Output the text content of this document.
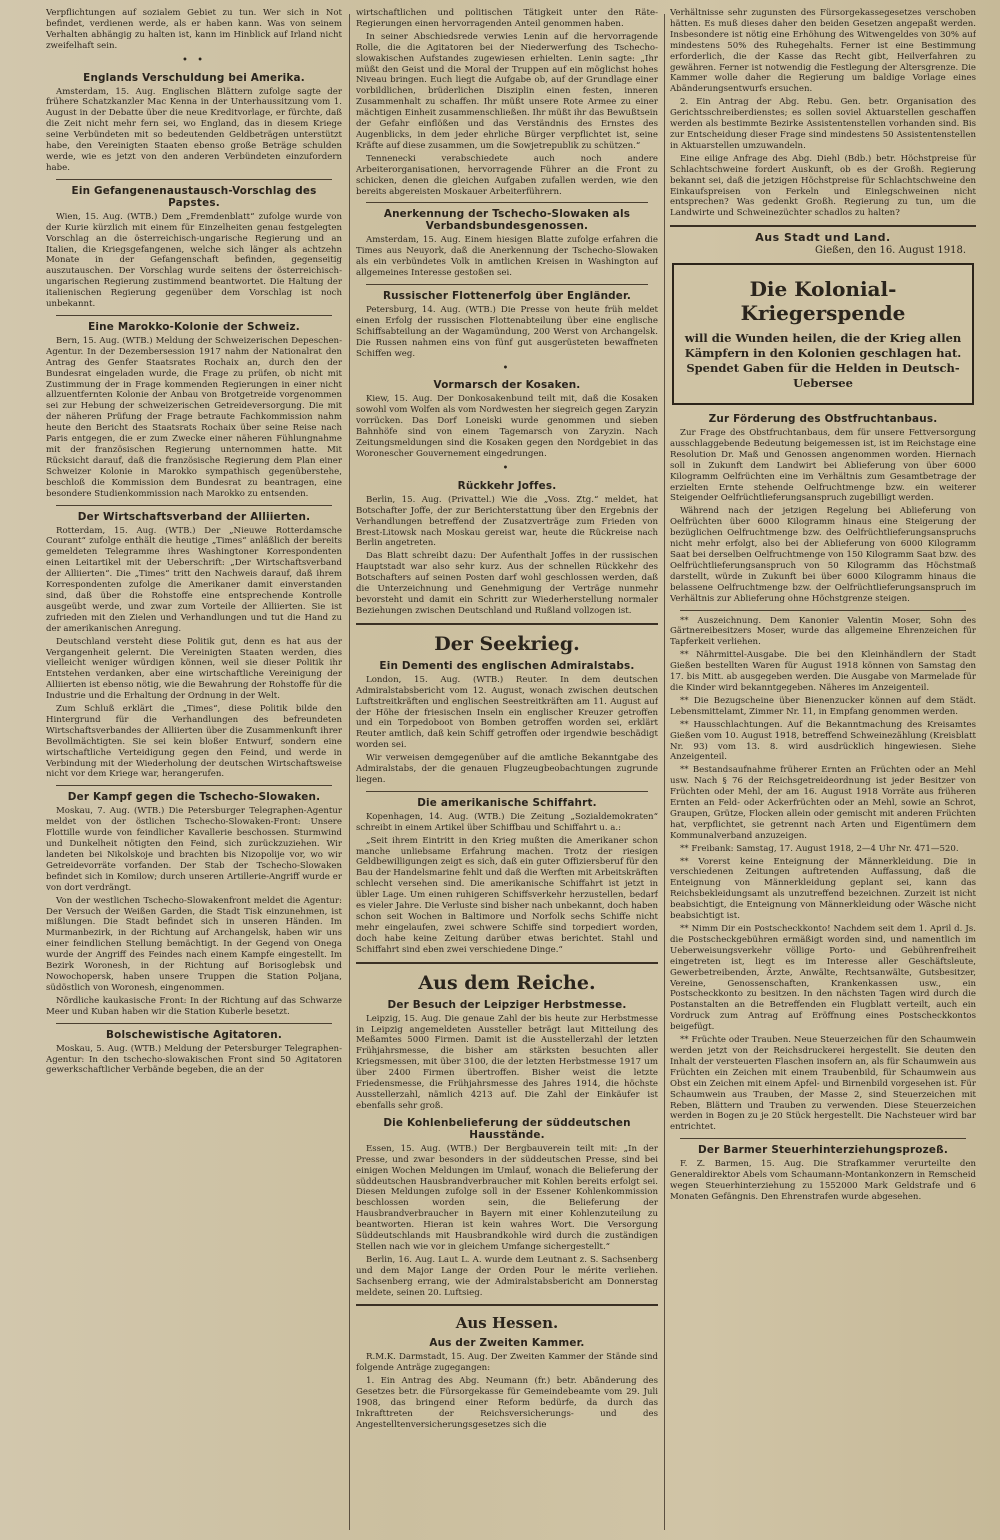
Verpflichtungen auf sozialem Gebiet zu tun. Wer sich in Not befindet, verdienen werde, als er haben kann. Was von seinem Verhalten abhängig zu halten ist, kann im Hinblick auf Irland nicht zweifelhaft sein.

• •
Englands Verschuldung bei Amerika.

Amsterdam, 15. Aug. Englischen Blättern zufolge sagte der frühere Schatzkanzler Mac Kenna in der Unterhaussitzung vom 1. August in der Debatte über die neue Kreditvorlage, er fürchte, daß die Zeit nicht mehr fern sei, wo England, das in diesem Kriege seine Verbündeten mit so bedeutenden Geldbeträgen unterstützt habe, den Vereinigten Staaten ebenso große Beträge schulden werde, wie es jetzt von den anderen Verbündeten einzufordern habe.

Ein Gefangenenaustausch-Vorschlag des Papstes.

Wien, 15. Aug. (WTB.) Dem „Fremdenblatt“ zufolge wurde von der Kurie kürzlich mit einem für Einzelheiten genau festgelegten Vorschlag an die österreichisch-ungarische Regierung und an Italien, die Kriegsgefangenen, welche sich länger als achtzehn Monate in der Gefangenschaft befinden, gegenseitig auszutauschen. Der Vorschlag wurde seitens der österreichisch-ungarischen Regierung zustimmend beantwortet. Die Haltung der italienischen Regierung gegenüber dem Vorschlag ist noch unbekannt.

Eine Marokko-Kolonie der Schweiz.

Bern, 15. Aug. (WTB.) Meldung der Schweizerischen Depeschen-Agentur. In der Dezembersession 1917 nahm der Nationalrat den Antrag des Genfer Staatsrates Rochaix an, durch den der Bundesrat eingeladen wurde, die Frage zu prüfen, ob nicht mit Zustimmung der in Frage kommenden Regierungen in einer nicht allzuentfernten Kolonie der Anbau von Brotgetreide vorgenommen sei zur Hebung der schweizerischen Getreideversorgung. Die mit der näheren Prüfung der Frage betraute Fachkommission nahm heute den Bericht des Staatsrats Rochaix über seine Reise nach Paris entgegen, die er zum Zwecke einer näheren Fühlungnahme mit der französischen Regierung unternommen hatte. Mit Rücksicht darauf, daß die französische Regierung dem Plan einer Schweizer Kolonie in Marokko sympathisch gegenüberstehe, beschloß die Kommission dem Bundesrat zu beantragen, eine besondere Studienkommission nach Marokko zu entsenden.

Der Wirtschaftsverband der Alliierten.

Rotterdam, 15. Aug. (WTB.) Der „Nieuwe Rotterdamsche Courant“ zufolge enthält die heutige „Times“ anläßlich der bereits gemeldeten Telegramme ihres Washingtoner Korrespondenten einen Leitartikel mit der Ueberschrift: „Der Wirtschaftsverband der Alliierten“. Die „Times“ tritt den Nachweis darauf, daß ihrem Korrespondenten zufolge die Amerikaner damit einverstanden sind, daß über die Rohstoffe eine entsprechende Kontrolle ausgeübt werde, und zwar zum Vorteile der Alliierten. Sie ist zufrieden mit den Zielen und Verhandlungen und tut die Hand zu der amerikanischen Anregung.

Deutschland versteht diese Politik gut, denn es hat aus der Vergangenheit gelernt. Die Vereinigten Staaten werden, dies vielleicht weniger würdigen können, weil sie dieser Politik ihr Entstehen verdanken, aber eine wirtschaftliche Vereinigung der Alliierten ist ebenso nötig, wie die Bewahrung der Rohstoffe für die Industrie und die Erhaltung der Ordnung in der Welt.

Zum Schluß erklärt die „Times“, diese Politik bilde den Hintergrund für die Verhandlungen des befreundeten Wirtschaftsverbandes der Alliierten über die Zusammenkunft ihrer Bevollmächtigten. Sie sei kein bloßer Entwurf, sondern eine wirtschaftliche Verteidigung gegen den Feind, und werde in Verbindung mit der Wiederholung der deutschen Wirtschaftsweise nicht vor dem Kriege war, herangerufen.

Der Kampf gegen die Tschecho-Slowaken.

Moskau, 7. Aug. (WTB.) Die Petersburger Telegraphen-Agentur meldet von der östlichen Tschecho-Slowaken-Front: Unsere Flottille wurde von feindlicher Kavallerie beschossen. Sturmwind und Dunkelheit nötigten den Feind, sich zurückzuziehen. Wir landeten bei Nikolskoje und brachten bis Nizopolije vor, wo wir Getreidevorräte vorfanden. Der Stab der Tschecho-Slowaken befindet sich in Komilow; durch unseren Artillerie-Angriff wurde er von dort verdrängt.

Von der westlichen Tschecho-Slowakenfront meldet die Agentur: Der Versuch der Weißen Garden, die Stadt Tisk einzunehmen, ist mißlungen. Die Stadt befindet sich in unseren Händen. Im Murmanbezirk, in der Richtung auf Archangelsk, haben wir uns einer feindlichen Stellung bemächtigt. In der Gegend von Onega wurde der Angriff des Feindes nach einem Kampfe eingestellt. Im Bezirk Woronesh, in der Richtung auf Borisoglebsk und Nowochopersk, haben unsere Truppen die Station Poljana, südöstlich von Woronesh, eingenommen.

Nördliche kaukasische Front: In der Richtung auf das Schwarze Meer und Kuban haben wir die Station Kuberle besetzt.

Bolschewistische Agitatoren.

Moskau, 5. Aug. (WTB.) Meldung der Petersburger Telegraphen-Agentur: In den tschecho-slowakischen Front sind 50 Agitatoren gewerkschaftlicher Verbände begeben, die an der

wirtschaftlichen und politischen Tätigkeit unter den Räte-Regierungen einen hervorragenden Anteil genommen haben.

In seiner Abschiedsrede verwies Lenin auf die hervorragende Rolle, die die Agitatoren bei der Niederwerfung des Tschecho-slowakischen Aufstandes zugewiesen erhielten. Lenin sagte: „Ihr müßt den Geist und die Moral der Truppen auf ein möglichst hohes Niveau bringen. Euch liegt die Aufgabe ob, auf der Grundlage einer vorbildlichen, brüderlichen Disziplin einen festen, inneren Zusammenhalt zu schaffen. Ihr müßt unsere Rote Armee zu einer mächtigen Einheit zusammenschließen. Ihr müßt ihr das Bewußtsein der Gefahr einflößen und das Verständnis des Ernstes des Augenblicks, in dem jeder ehrliche Bürger verpflichtet ist, seine Kräfte auf diese zusammen, um die Sowjetrepublik zu schützen.“

Tennenecki verabschiedete auch noch andere Arbeiterorganisationen, hervorragende Führer an die Front zu schicken, denen die gleichen Aufgaben zufallen werden, wie den bereits abgereisten Moskauer Arbeiterführern.

Anerkennung der Tschecho-Slowaken als Verbandsbundesgenossen.

Amsterdam, 15. Aug. Einem hiesigen Blatte zufolge erfahren die Times aus Neuyork, daß die Anerkennung der Tschecho-Slowaken als ein verbündetes Volk in amtlichen Kreisen in Washington auf allgemeines Interesse gestoßen sei.

Russischer Flottenerfolg über Engländer.

Petersburg, 14. Aug. (WTB.) Die Presse von heute früh meldet einen Erfolg der russischen Flottenabteilung über eine englische Schiffsabteilung an der Wagamündung, 200 Werst von Archangelsk. Die Russen nahmen eins von fünf gut ausgerüsteten bewaffneten Schiffen weg.

•
Vormarsch der Kosaken.

Kiew, 15. Aug. Der Donkosakenbund teilt mit, daß die Kosaken sowohl vom Wolfen als vom Nordwesten her siegreich gegen Zaryzin vorrücken. Das Dorf Loneiski wurde genommen und sieben Bahnhöfe sind von einem Tagemarsch von Zaryzin. Nach Zeitungsmeldungen sind die Kosaken gegen den Nordgebiet in das Woronescher Gouvernement eingedrungen.

•
Rückkehr Joffes.

Berlin, 15. Aug. (Privattel.) Wie die „Voss. Ztg.“ meldet, hat Botschafter Joffe, der zur Berichterstattung über den Ergebnis der Verhandlungen betreffend der Zusatzverträge zum Frieden von Brest-Litowsk nach Moskau gereist war, heute die Rückreise nach Berlin angetreten.

Das Blatt schreibt dazu: Der Aufenthalt Joffes in der russischen Hauptstadt war also sehr kurz. Aus der schnellen Rückkehr des Botschafters auf seinen Posten darf wohl geschlossen werden, daß die Unterzeichnung und Genehmigung der Verträge nunmehr bevorsteht und damit ein Schritt zur Wiederherstellung normaler Beziehungen zwischen Deutschland und Rußland vollzogen ist.

Der Seekrieg.
Ein Dementi des englischen Admiralstabs.

London, 15. Aug. (WTB.) Reuter. In dem deutschen Admiralstabsbericht vom 12. August, wonach zwischen deutschen Luftstreitkräften und englischen Seestreitkräften am 11. August auf der Höhe der friesischen Inseln ein englischer Kreuzer getroffen und ein Torpedoboot von Bomben getroffen worden sei, erklärt Reuter amtlich, daß kein Schiff getroffen oder irgendwie beschädigt worden sei.

Wir verweisen demgegenüber auf die amtliche Bekanntgabe des Admiralstabs, der die genauen Flugzeugbeobachtungen zugrunde liegen.

Die amerikanische Schiffahrt.

Kopenhagen, 14. Aug. (WTB.) Die Zeitung „Sozialdemokraten“ schreibt in einem Artikel über Schiffbau und Schiffahrt u. a.:

„Seit ihrem Eintritt in den Krieg mußten die Amerikaner schon manche unliebsame Erfahrung machen. Trotz der riesigen Geldbewilligungen zeigt es sich, daß ein guter Offiziersberuf für den Bau der Handelsmarine fehlt und daß die Werften mit Arbeitskräften schlecht versehen sind. Die amerikanische Schiffahrt ist jetzt in übler Lage. Um einen ruhigeren Schiffsverkehr herzustellen, bedarf es vieler Jahre. Die Verluste sind bisher nach unbekannt, doch haben schon seit Wochen in Baltimore und Norfolk sechs Schiffe nicht mehr eingelaufen, zwei schwere Schiffe sind torpediert worden, doch habe keine Zeitung darüber etwas berichtet. Stahl und Schiffahrt sind eben zwei verschiedene Dinge.“

Aus dem Reiche.
Der Besuch der Leipziger Herbstmesse.

Leipzig, 15. Aug. Die genaue Zahl der bis heute zur Herbstmesse in Leipzig angemeldeten Aussteller beträgt laut Mitteilung des Meßamtes 5000 Firmen. Damit ist die Ausstellerzahl der letzten Frühjahrsmesse, die bisher am stärksten besuchten aller Kriegsmessen, mit über 3100, die der letzten Herbstmesse 1917 um über 2400 Firmen übertroffen. Bisher weist die letzte Friedensmesse, die Frühjahrsmesse des Jahres 1914, die höchste Ausstellerzahl, nämlich 4213 auf. Die Zahl der Einkäufer ist ebenfalls sehr groß.

Die Kohlenbelieferung der süddeutschen Hausstände.

Essen, 15. Aug. (WTB.) Der Bergbauverein teilt mit: „In der Presse, und zwar besonders in der süddeutschen Presse, sind bei einigen Wochen Meldungen im Umlauf, wonach die Belieferung der süddeutschen Hausbrandverbraucher mit Kohlen bereits erfolgt sei. Diesen Meldungen zufolge soll in der Essener Kohlenkommission beschlossen worden sein, die Belieferung der Hausbrandverbraucher in Bayern mit einer Kohlenzuteilung zu beantworten. Hieran ist kein wahres Wort. Die Versorgung Süddeutschlands mit Hausbrandkohle wird durch die zuständigen Stellen nach wie vor in gleichem Umfange sichergestellt.“

Berlin, 16. Aug. Laut L. A. wurde dem Leutnant z. S. Sachsenberg und dem Major Lange der Orden Pour le mérite verliehen. Sachsenberg errang, wie der Admiralstabsbericht am Donnerstag meldete, seinen 20. Luftsieg.

Aus Hessen.
Aus der Zweiten Kammer.

R.M.K. Darmstadt, 15. Aug. Der Zweiten Kammer der Stände sind folgende Anträge zugegangen:

1. Ein Antrag des Abg. Neumann (fr.) betr. Abänderung des Gesetzes betr. die Fürsorgekasse für Gemeindebeamte vom 29. Juli 1908, das bringend einer Reform bedürfe, da durch das Inkrafttreten der Reichsversicherungs- und des Angestelltenversicherungsgesetzes sich die

Verhältnisse sehr zugunsten des Fürsorgekassegesetzes verschoben hätten. Es muß dieses daher den beiden Gesetzen angepaßt werden. Insbesondere ist nötig eine Erhöhung des Witwengeldes von 30% auf mindestens 50% des Ruhegehalts. Ferner ist eine Bestimmung erforderlich, die der Kasse das Recht gibt, Heilverfahren zu gewähren. Ferner ist notwendig die Festlegung der Altersgrenze. Die Kammer wolle daher die Regierung um baldige Vorlage eines Abänderungsentwurfs ersuchen.

2. Ein Antrag der Abg. Rebu. Gen. betr. Organisation des Gerichtsschreiberdienstes; es sollen soviel Aktuarstellen geschaffen werden als bestimmte Bezirke Assistentenstellen vorhanden sind. Bis zur Entscheidung dieser Frage sind mindestens 50 Assistentenstellen in Aktuarstellen umzuwandeln.

Eine eilige Anfrage des Abg. Diehl (Bdb.) betr. Höchstpreise für Schlachtschweine fordert Auskunft, ob es der Großh. Regierung bekannt sei, daß die jetzigen Höchstpreise für Schlachtschweine den Einkaufspreisen von Ferkeln und Einlegschweinen nicht entsprechen? Was gedenkt Großh. Regierung zu tun, um die Landwirte und Schweinezüchter schadlos zu halten?

Aus Stadt und Land.
Gießen, den 16. August 1918.
Die Kolonial-Kriegerspende
will die Wunden heilen, die der Krieg allen Kämpfern in den Kolonien geschlagen hat. Spendet Gaben für die Helden in Deutsch-Uebersee
Zur Förderung des Obstfruchtanbaus.

Zur Frage des Obstfruchtanbaus, dem für unsere Fettversorgung ausschlaggebende Bedeutung beigemessen ist, ist im Reichstage eine Resolution Dr. Maß und Genossen angenommen worden. Hiernach soll in Zukunft dem Landwirt bei Ablieferung von über 6000 Kilogramm Oelfrüchten eine im Verhältnis zum Gesamtbetrage der erzielten Ernte stehende Oelfruchtmenge bzw. ein weiterer Steigender Oelfrüchtlieferungsanspruch zugebilligt werden.

Während nach der jetzigen Regelung bei Ablieferung von Oelfrüchten über 6000 Kilogramm hinaus eine Steigerung der bezüglichen Oelfruchtmenge bzw. des Oelfrüchtlieferungsanspruchs nicht mehr erfolgt, also bei der Ablieferung von 6000 Kilogramm Saat bei derselben Oelfruchtmenge von 150 Kilogramm Saat bzw. des Oelfrüchtlieferungsanspruch von 50 Kilogramm das Höchstmaß darstellt, würde in Zukunft bei über 6000 Kilogramm hinaus die belassene Oelfruchtmenge bzw. der Oelfrüchtlieferungsanspruch im Verhältnis zur Ablieferung ohne Höchstgrenze steigen.

** Auszeichnung. Dem Kanonier Valentin Moser, Sohn des Gärtnereibesitzers Moser, wurde das allgemeine Ehrenzeichen für Tapferkeit verliehen.

** Nährmittel-Ausgabe. Die bei den Kleinhändlern der Stadt Gießen bestellten Waren für August 1918 können von Samstag den 17. bis Mitt. ab ausgegeben werden. Die Ausgabe von Marmelade für die Kinder wird bekanntgegeben. Näheres im Anzeigenteil.

** Die Bezugscheine über Bienenzucker können auf dem Städt. Lebensmittelamt, Zimmer Nr. 11, in Empfang genommen werden.

** Hausschlachtungen. Auf die Bekanntmachung des Kreisamtes Gießen vom 10. August 1918, betreffend Schweinezählung (Kreisblatt Nr. 93) vom 13. 8. wird ausdrücklich hingewiesen. Siehe Anzeigenteil.

** Bestandsaufnahme früherer Ernten an Früchten oder an Mehl usw. Nach § 76 der Reichsgetreideordnung ist jeder Besitzer von Früchten oder Mehl, der am 16. August 1918 Vorräte aus früheren Ernten an Feld- oder Ackerfrüchten oder an Mehl, sowie an Schrot, Graupen, Grütze, Flocken allein oder gemischt mit anderen Früchten hat, verpflichtet, sie getrennt nach Arten und Eigentümern dem Kommunalverband anzuzeigen.

** Freibank: Samstag, 17. August 1918, 2—4 Uhr Nr. 471—520.

** Vorerst keine Enteignung der Männerkleidung. Die in verschiedenen Zeitungen auftretenden Auffassung, daß die Enteignung von Männerkleidung geplant sei, kann das Reichsbekleidungsamt als unzutreffend bezeichnen. Zurzeit ist nicht beabsichtigt, die Enteignung von Männerkleidung oder Wäsche nicht beabsichtigt ist.

** Nimm Dir ein Postscheckkonto! Nachdem seit dem 1. April d. Js. die Postscheckgebühren ermäßigt worden sind, und namentlich im Ueberweisungsverkehr völlige Porto- und Gebührenfreiheit eingetreten ist, liegt es im Interesse aller Geschäftsleute, Gewerbetreibenden, Ärzte, Anwälte, Rechtsanwälte, Gutsbesitzer, Vereine, Genossenschaften, Krankenkassen usw., ein Postscheckkonto zu besitzen. In den nächsten Tagen wird durch die Postanstalten an die Betreffenden ein Flugblatt verteilt, auch ein Vordruck zum Antrag auf Eröffnung eines Postscheckkontos beigefügt.

** Früchte oder Trauben. Neue Steuerzeichen für den Schaumwein werden jetzt von der Reichsdruckerei hergestellt. Sie deuten den Inhalt der versteuerten Flaschen insofern an, als für Schaumwein aus Früchten ein Zeichen mit einem Traubenbild, für Schaumwein aus Obst ein Zeichen mit einem Apfel- und Birnenbild vorgesehen ist. Für Schaumwein aus Trauben, der Masse 2, sind Steuerzeichen mit Reben, Blättern und Trauben zu verwenden. Diese Steuerzeichen werden in Bogen zu je 20 Stück hergestellt. Die Nachsteuer wird bar entrichtet.

Der Barmer Steuerhinterziehungsprozeß.

F. Z. Barmen, 15. Aug. Die Strafkammer verurteilte den Generaldirektor Abels vom Schaumann-Montankonzern in Remscheid wegen Steuerhinterziehung zu 1552000 Mark Geldstrafe und 6 Monaten Gefängnis. Den Ehrenstrafen wurde abgesehen.
